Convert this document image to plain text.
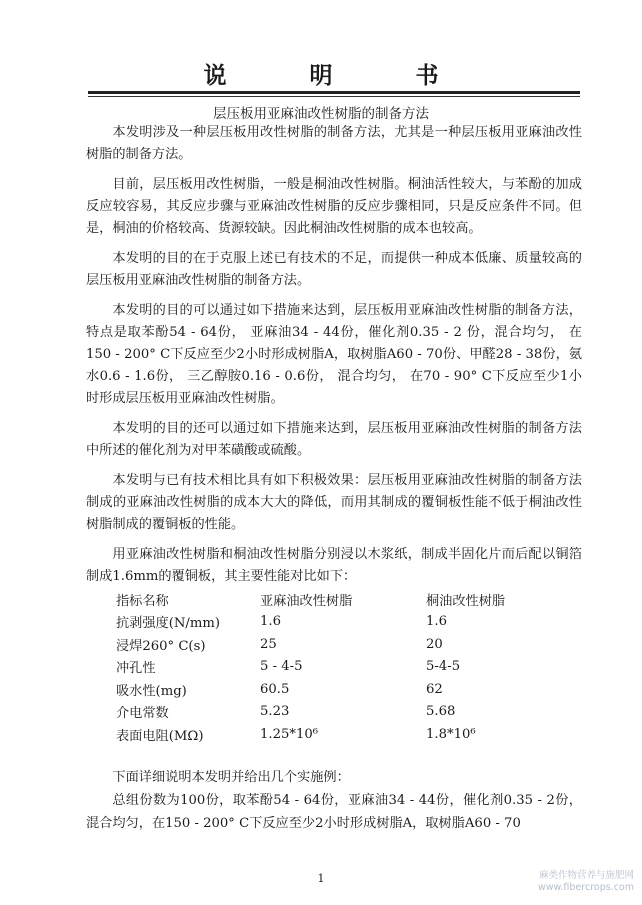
说　明　书
层压板用亚麻油改性树脂的制备方法

本发明涉及一种层压板用改性树脂的制备方法，尤其是一种层压板用亚麻油改性树脂的制备方法。

目前，层压板用改性树脂，一般是桐油改性树脂。桐油活性较大，与苯酚的加成反应较容易，其反应步骤与亚麻油改性树脂的反应步骤相同，只是反应条件不同。但是，桐油的价格较高、货源较缺。因此桐油改性树脂的成本也较高。

本发明的目的在于克服上述已有技术的不足，而提供一种成本低廉、质量较高的层压板用亚麻油改性树脂的制备方法。

本发明的目的可以通过如下措施来达到，层压板用亚麻油改性树脂的制备方法， 特点是取苯酚54 - 64份， 亚麻油34 - 44份，催化剂0.35 - 2 份，混合均匀， 在150 - 200° C下反应至少2小时形成树脂A，取树脂A60 - 70份、甲醛28 - 38份，氨水0.6 - 1.6份， 三乙醇胺0.16 - 0.6份， 混合均匀， 在70 - 90° C下反应至少1小时形成层压板用亚麻油改性树脂。

本发明的目的还可以通过如下措施来达到，层压板用亚麻油改性树脂的制备方法中所述的催化剂为对甲苯磺酸或硫酸。

本发明与已有技术相比具有如下积极效果：层压板用亚麻油改性树脂的制备方法制成的亚麻油改性树脂的成本大大的降低，而用其制成的覆铜板性能不低于桐油改性树脂制成的覆铜板的性能。

用亚麻油改性树脂和桐油改性树脂分别浸以木浆纸，制成半固化片而后配以铜箔制成1.6mm的覆铜板，其主要性能对比如下：

指标名称	亚麻油改性树脂	桐油改性树脂
抗剥强度(N/mm)	1.6	1.6
浸焊260° C(s)	25	20
冲孔性	5 - 4-5	5-4-5
吸水性(mg)	60.5	62
介电常数	5.23	5.68
表面电阻(MΩ)	1.25*10⁶	1.8*10⁶

下面详细说明本发明并给出几个实施例：

总组份数为100份，取苯酚54 - 64份，亚麻油34 - 44份，催化剂0.35 - 2份，混合均匀，在150 - 200° C下反应至少2小时形成树脂A，取树脂A60 - 70

1	麻类作物营养与施肥网
www.fibercrops.com
